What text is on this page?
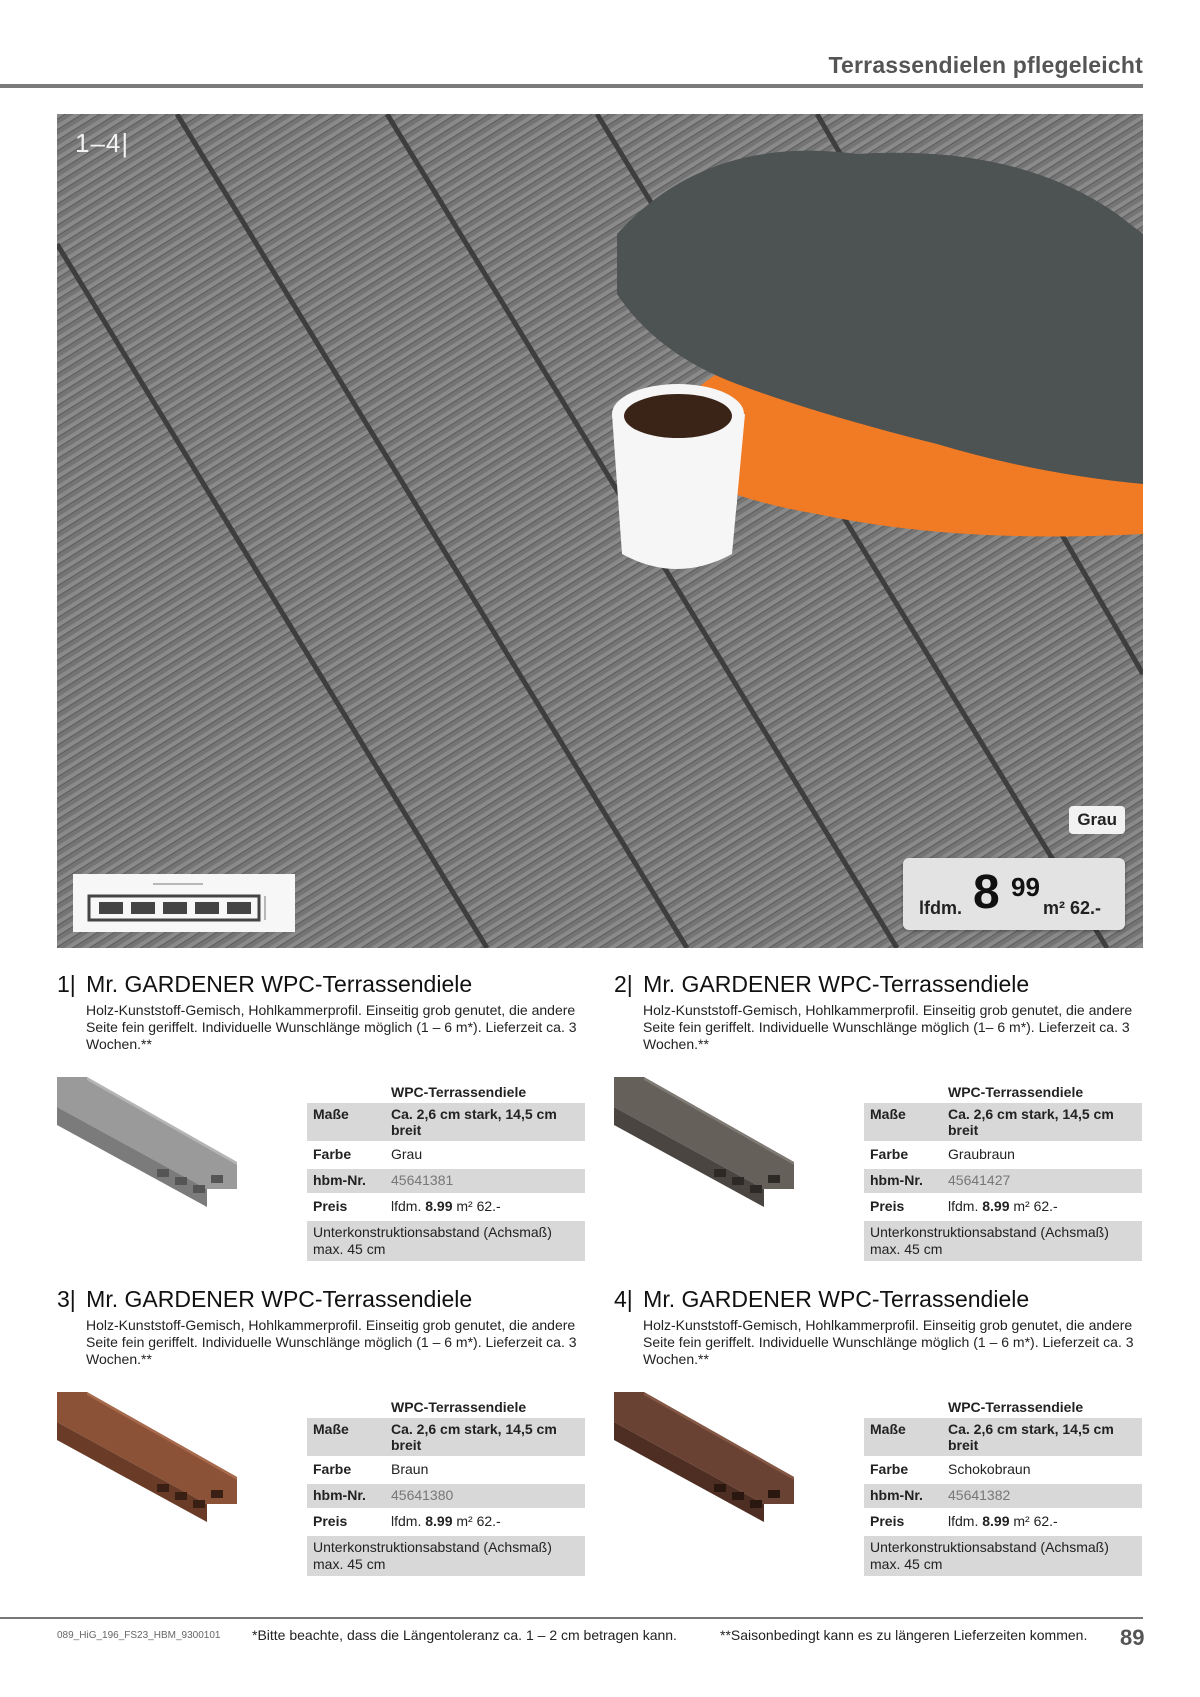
Terrassendielen pflegeleicht
1–4|
Grau
lfdm. 8 99
m² 62.-
1| Mr. GARDENER WPC-Terrassendiele
Holz-Kunststoff-Gemisch, Hohlkammerprofil. Einseitig grob genutet, die andere Seite fein geriffelt. Individuelle Wunschlänge möglich (1 – 6 m*). Lieferzeit ca. 3 Wochen.**
WPC-Terrassendiele
Maße	Ca. 2,6 cm stark, 14,5 cm breit
Farbe	Grau
hbm-Nr.	45641381
Preis	lfdm. 8.99 m² 62.-
Unterkonstruktionsabstand (Achsmaß) max. 45 cm
2| Mr. GARDENER WPC-Terrassendiele
Holz-Kunststoff-Gemisch, Hohlkammerprofil. Einseitig grob genutet, die andere Seite fein geriffelt. Individuelle Wunschlänge möglich (1– 6 m*). Lieferzeit ca. 3 Wochen.**
WPC-Terrassendiele
Maße	Ca. 2,6 cm stark, 14,5 cm breit
Farbe	Graubraun
hbm-Nr.	45641427
Preis	lfdm. 8.99 m² 62.-
Unterkonstruktionsabstand (Achsmaß) max. 45 cm
3| Mr. GARDENER WPC-Terrassendiele
Holz-Kunststoff-Gemisch, Hohlkammerprofil. Einseitig grob genutet, die andere Seite fein geriffelt. Individuelle Wunschlänge möglich (1 – 6 m*). Lieferzeit ca. 3 Wochen.**
WPC-Terrassendiele
Maße	Ca. 2,6 cm stark, 14,5 cm breit
Farbe	Braun
hbm-Nr.	45641380
Preis	lfdm. 8.99 m² 62.-
Unterkonstruktionsabstand (Achsmaß) max. 45 cm
4| Mr. GARDENER WPC-Terrassendiele
Holz-Kunststoff-Gemisch, Hohlkammerprofil. Einseitig grob genutet, die andere Seite fein geriffelt. Individuelle Wunschlänge möglich (1 – 6 m*). Lieferzeit ca. 3 Wochen.**
WPC-Terrassendiele
Maße	Ca. 2,6 cm stark, 14,5 cm breit
Farbe	Schokobraun
hbm-Nr.	45641382
Preis	lfdm. 8.99 m² 62.-
Unterkonstruktionsabstand (Achsmaß) max. 45 cm
089_HiG_196_FS23_HBM_9300101 *Bitte beachte, dass die Längentoleranz ca. 1 – 2 cm betragen kann.	**Saisonbedingt kann es zu längeren Lieferzeiten kommen. 89
